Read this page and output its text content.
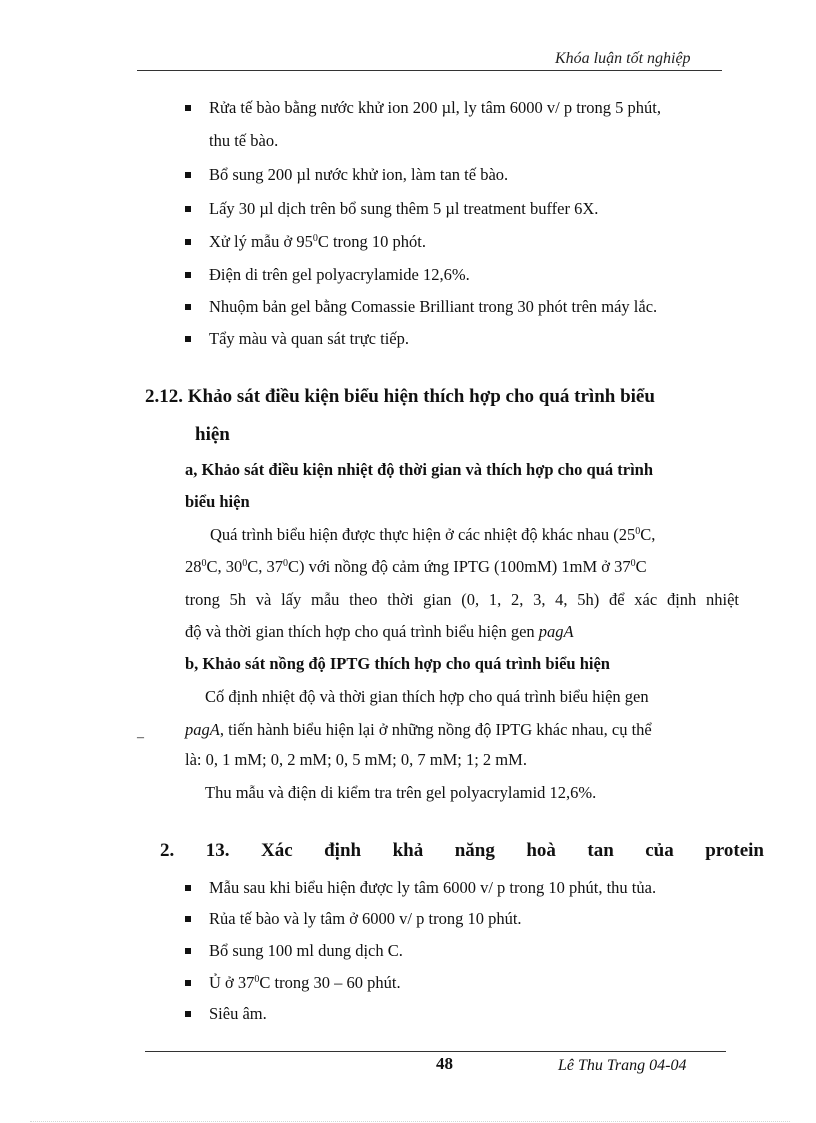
Khóa luận tốt nghiệp
Rửa tế bào bằng nước khử ion 200 µl, ly tâm 6000 v/ p trong 5 phút,
thu tế bào.
Bổ sung 200 µl nước khử ion, làm tan tế bào.
Lấy 30 µl dịch trên bổ sung thêm 5 µl treatment buffer 6X.
Xử lý mẫu ở $95^0C$ trong 10 phót.
Điện di trên gel polyacrylamide 12,6%.
Nhuộm bản gel bằng Comassie Brilliant trong 30 phót trên máy lắc.
Tẩy màu và quan sát trực tiếp.
2.12. Khảo sát điều kiện biểu hiện thích hợp cho quá trình biểu
hiện
a, Khảo sát điều kiện nhiệt độ thời gian và thích hợp cho quá trình
biểu hiện
Quá trình biểu hiện được thực hiện ở các nhiệt độ khác nhau ($25^0C$,
$28^0C$, $30^0C$, $37^0C$) với nồng độ cảm ứng IPTG (100mM) 1mM ở $37^0C$
trong 5h và lấy mẫu theo thời gian (0, 1, 2, 3, 4, 5h) để xác định nhiệt
độ và thời gian thích hợp cho quá trình biểu hiện gen pagA
b, Khảo sát nồng độ IPTG thích hợp cho quá trình biểu hiện
Cố định nhiệt độ và thời gian thích hợp cho quá trình biểu hiện gen
pagA, tiến hành biểu hiện lại ở những nồng độ IPTG khác nhau, cụ thể
là: 0, 1 mM; 0, 2 mM; 0, 5 mM; 0, 7 mM; 1; 2 mM.
Thu mẫu và điện di kiểm tra trên gel polyacrylamid 12,6%.
–
2. 13. Xác định khả năng hoà tan của protein
Mẫu sau khi biểu hiện được ly tâm 6000 v/ p trong 10 phút, thu tủa.
Rủa tế bào và ly tâm ở 6000 v/ p trong 10 phút.
Bổ sung 100 ml dung dịch C.
Ủ ở $37^0C$ trong 30 – 60 phút.
Siêu âm.
48	Lê Thu Trang 04-04
